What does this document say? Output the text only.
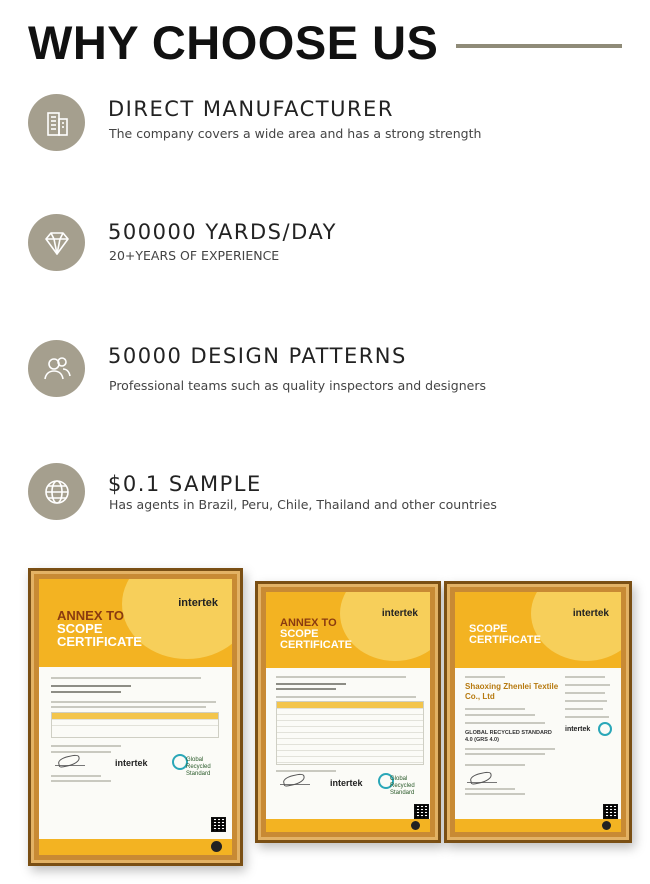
WHY CHOOSE US
DIRECT MANUFACTURER
The company covers a wide area and has a strong strength
500000 YARDS/DAY
20+YEARS OF EXPERIENCE
50000 DESIGN PATTERNS
Professional teams such as quality inspectors and designers
$0.1 SAMPLE
Has agents in Brazil, Peru, Chile, Thailand and other countries
ANNEX TO
SCOPE
CERTIFICATE
intertek
intertek	Global Recycled Standard
ANNEX TO
SCOPE
CERTIFICATE
intertek
intertek	Global Recycled Standard
SCOPE
CERTIFICATE
intertek
Shaoxing Zhenlei Textile Co., Ltd
GLOBAL RECYCLED STANDARD 4.0 (GRS 4.0)
intertek
